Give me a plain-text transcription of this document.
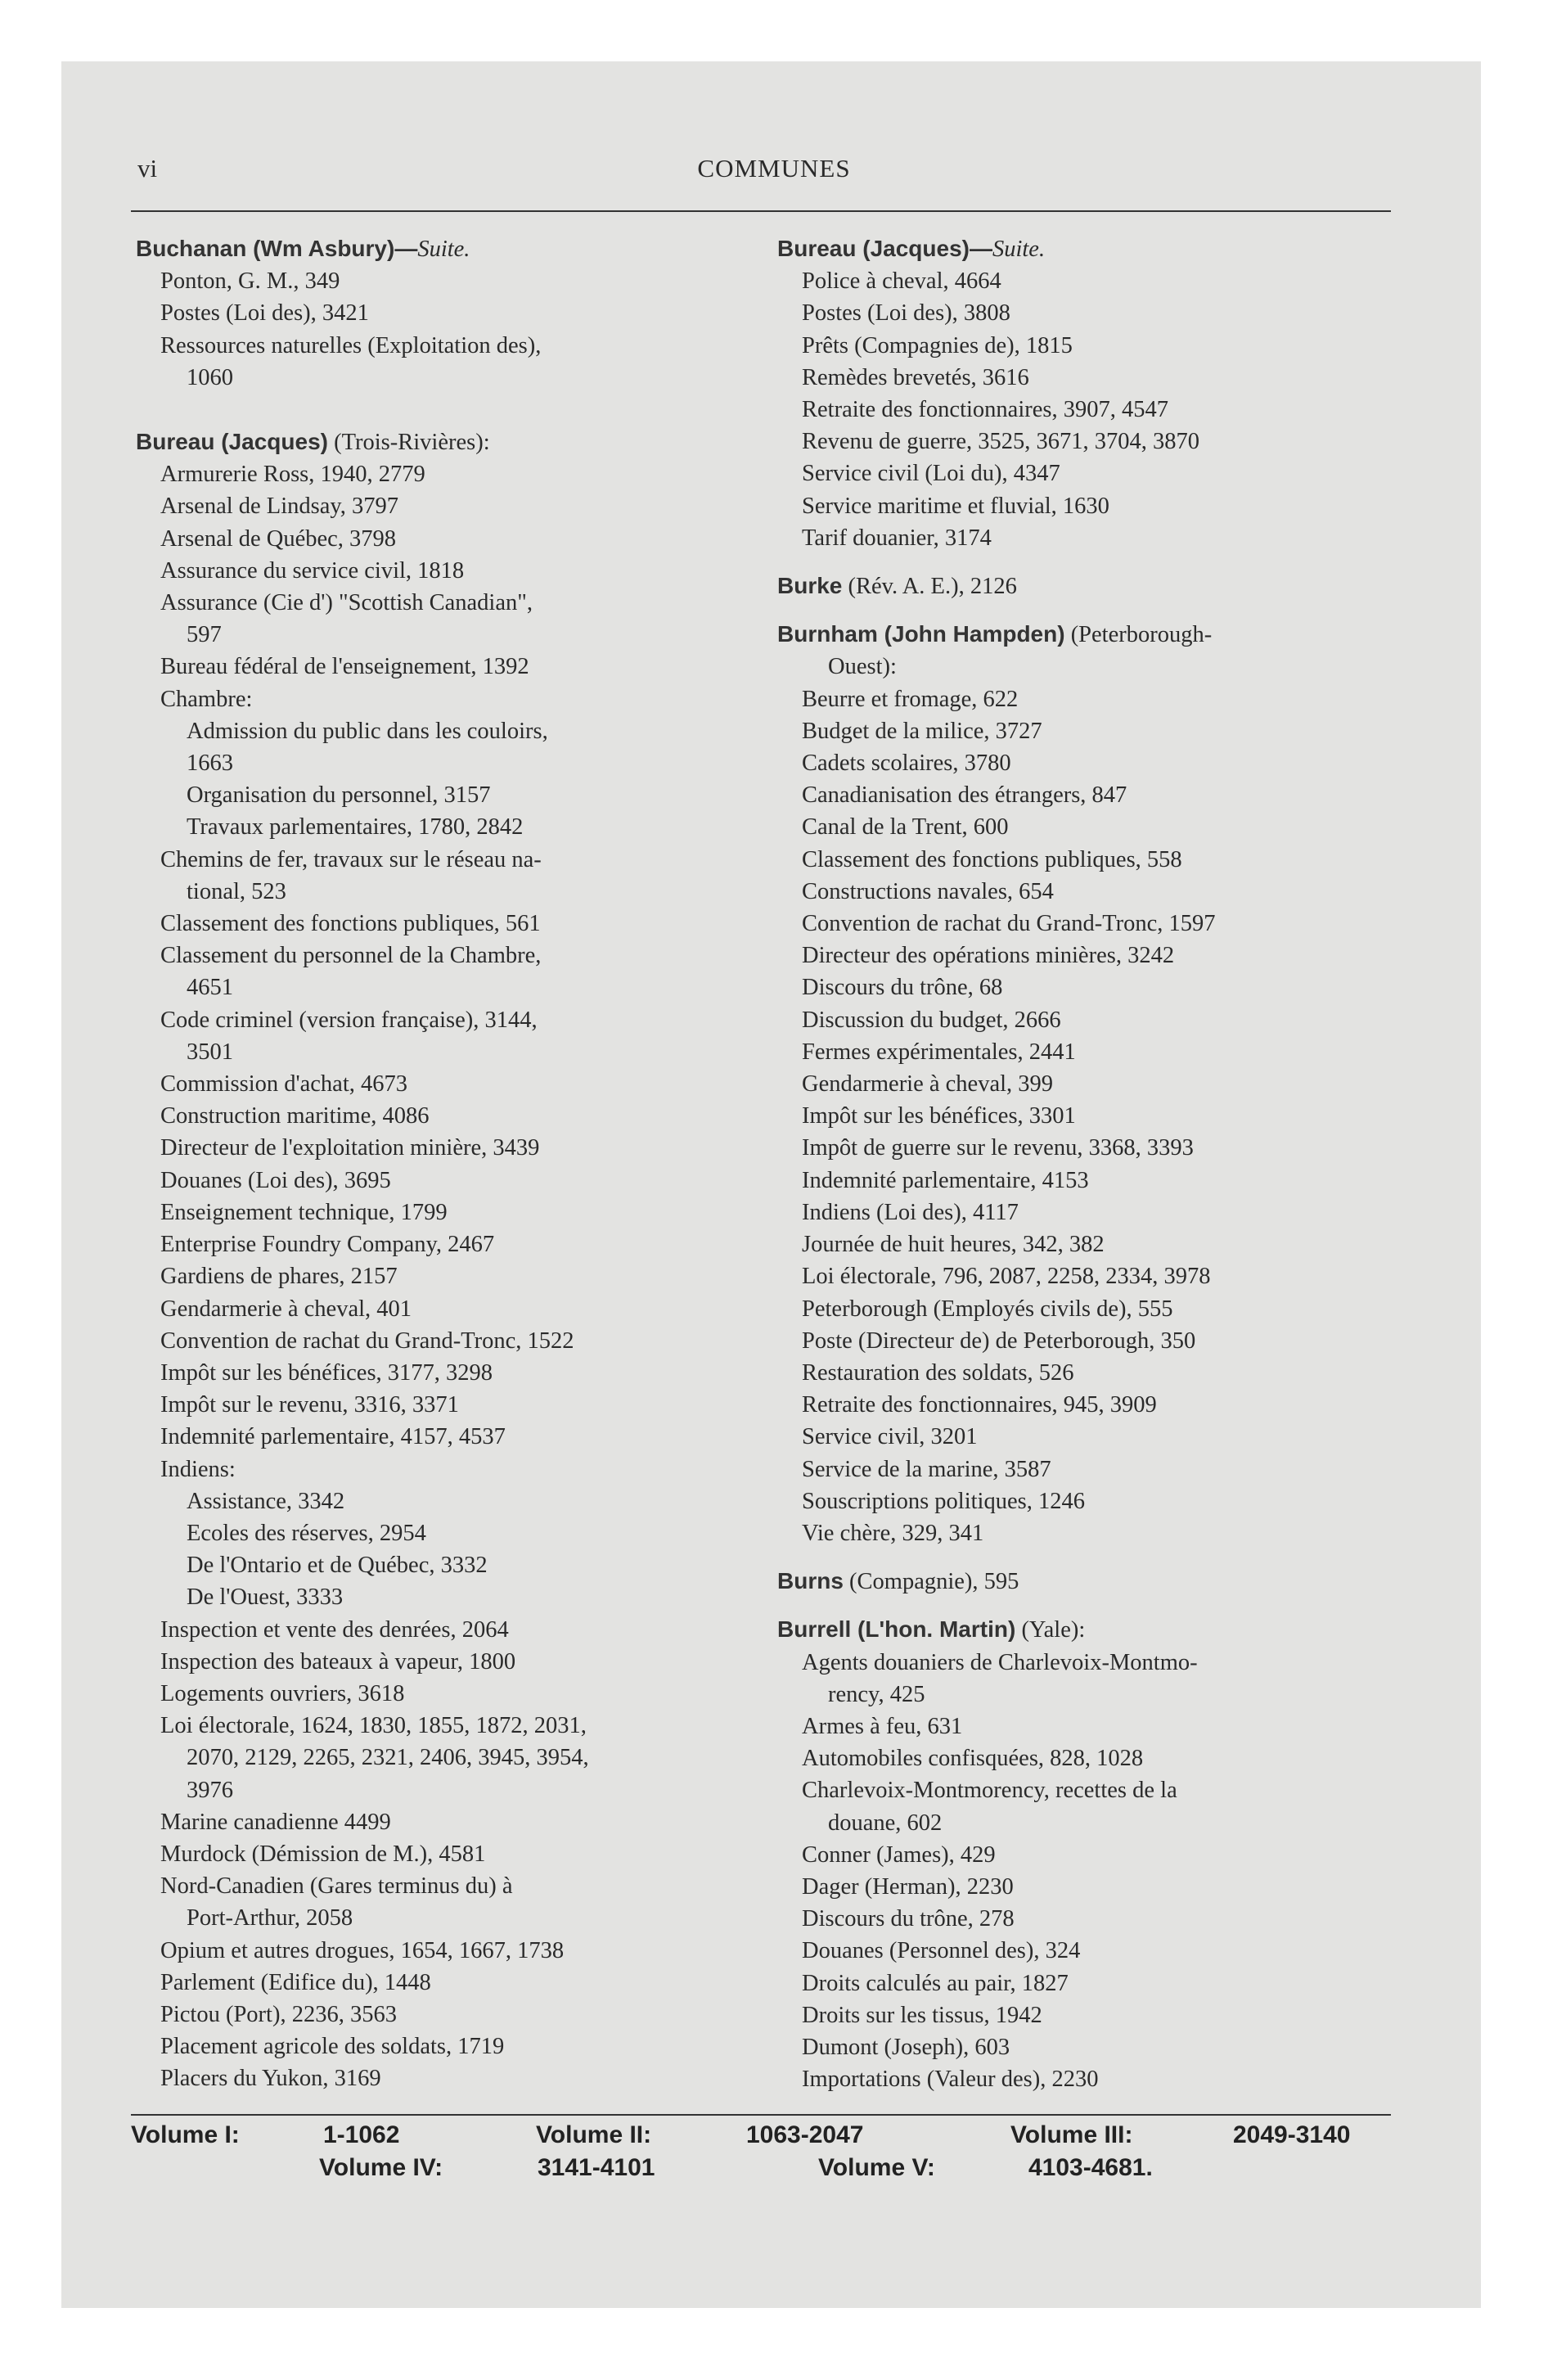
vi	COMMUNES
Buchanan (Wm Asbury)—Suite.
Ponton, G. M., 349
Postes (Loi des), 3421
Ressources naturelles (Exploitation des),
1060
Bureau (Jacques) (Trois-Rivières):
Armurerie Ross, 1940, 2779
Arsenal de Lindsay, 3797
Arsenal de Québec, 3798
Assurance du service civil, 1818
Assurance (Cie d') "Scottish Canadian",
597
Bureau fédéral de l'enseignement, 1392
Chambre:
Admission du public dans les couloirs,
1663
Organisation du personnel, 3157
Travaux parlementaires, 1780, 2842
Chemins de fer, travaux sur le réseau na-
tional, 523
Classement des fonctions publiques, 561
Classement du personnel de la Chambre,
4651
Code criminel (version française), 3144,
3501
Commission d'achat, 4673
Construction maritime, 4086
Directeur de l'exploitation minière, 3439
Douanes (Loi des), 3695
Enseignement technique, 1799
Enterprise Foundry Company, 2467
Gardiens de phares, 2157
Gendarmerie à cheval, 401
Convention de rachat du Grand-Tronc, 1522
Impôt sur les bénéfices, 3177, 3298
Impôt sur le revenu, 3316, 3371
Indemnité parlementaire, 4157, 4537
Indiens:
Assistance, 3342
Ecoles des réserves, 2954
De l'Ontario et de Québec, 3332
De l'Ouest, 3333
Inspection et vente des denrées, 2064
Inspection des bateaux à vapeur, 1800
Logements ouvriers, 3618
Loi électorale, 1624, 1830, 1855, 1872, 2031,
2070, 2129, 2265, 2321, 2406, 3945, 3954,
3976
Marine canadienne 4499
Murdock (Démission de M.), 4581
Nord-Canadien (Gares terminus du) à
Port-Arthur, 2058
Opium et autres drogues, 1654, 1667, 1738
Parlement (Edifice du), 1448
Pictou (Port), 2236, 3563
Placement agricole des soldats, 1719
Placers du Yukon, 3169
Bureau (Jacques)—Suite.
Police à cheval, 4664
Postes (Loi des), 3808
Prêts (Compagnies de), 1815
Remèdes brevetés, 3616
Retraite des fonctionnaires, 3907, 4547
Revenu de guerre, 3525, 3671, 3704, 3870
Service civil (Loi du), 4347
Service maritime et fluvial, 1630
Tarif douanier, 3174
Burke (Rév. A. E.), 2126
Burnham (John Hampden) (Peterborough-
Ouest):
Beurre et fromage, 622
Budget de la milice, 3727
Cadets scolaires, 3780
Canadianisation des étrangers, 847
Canal de la Trent, 600
Classement des fonctions publiques, 558
Constructions navales, 654
Convention de rachat du Grand-Tronc, 1597
Directeur des opérations minières, 3242
Discours du trône, 68
Discussion du budget, 2666
Fermes expérimentales, 2441
Gendarmerie à cheval, 399
Impôt sur les bénéfices, 3301
Impôt de guerre sur le revenu, 3368, 3393
Indemnité parlementaire, 4153
Indiens (Loi des), 4117
Journée de huit heures, 342, 382
Loi électorale, 796, 2087, 2258, 2334, 3978
Peterborough (Employés civils de), 555
Poste (Directeur de) de Peterborough, 350
Restauration des soldats, 526
Retraite des fonctionnaires, 945, 3909
Service civil, 3201
Service de la marine, 3587
Souscriptions politiques, 1246
Vie chère, 329, 341
Burns (Compagnie), 595
Burrell (L'hon. Martin) (Yale):
Agents douaniers de Charlevoix-Montmo-
rency, 425
Armes à feu, 631
Automobiles confisquées, 828, 1028
Charlevoix-Montmorency, recettes de la
douane, 602
Conner (James), 429
Dager (Herman), 2230
Discours du trône, 278
Douanes (Personnel des), 324
Droits calculés au pair, 1827
Droits sur les tissus, 1942
Dumont (Joseph), 603
Importations (Valeur des), 2230
Volume I:	1-1062	Volume II:	1063-2047	Volume III:	2049-3140
Volume IV:	3141-4101	Volume V:	4103-4681.
